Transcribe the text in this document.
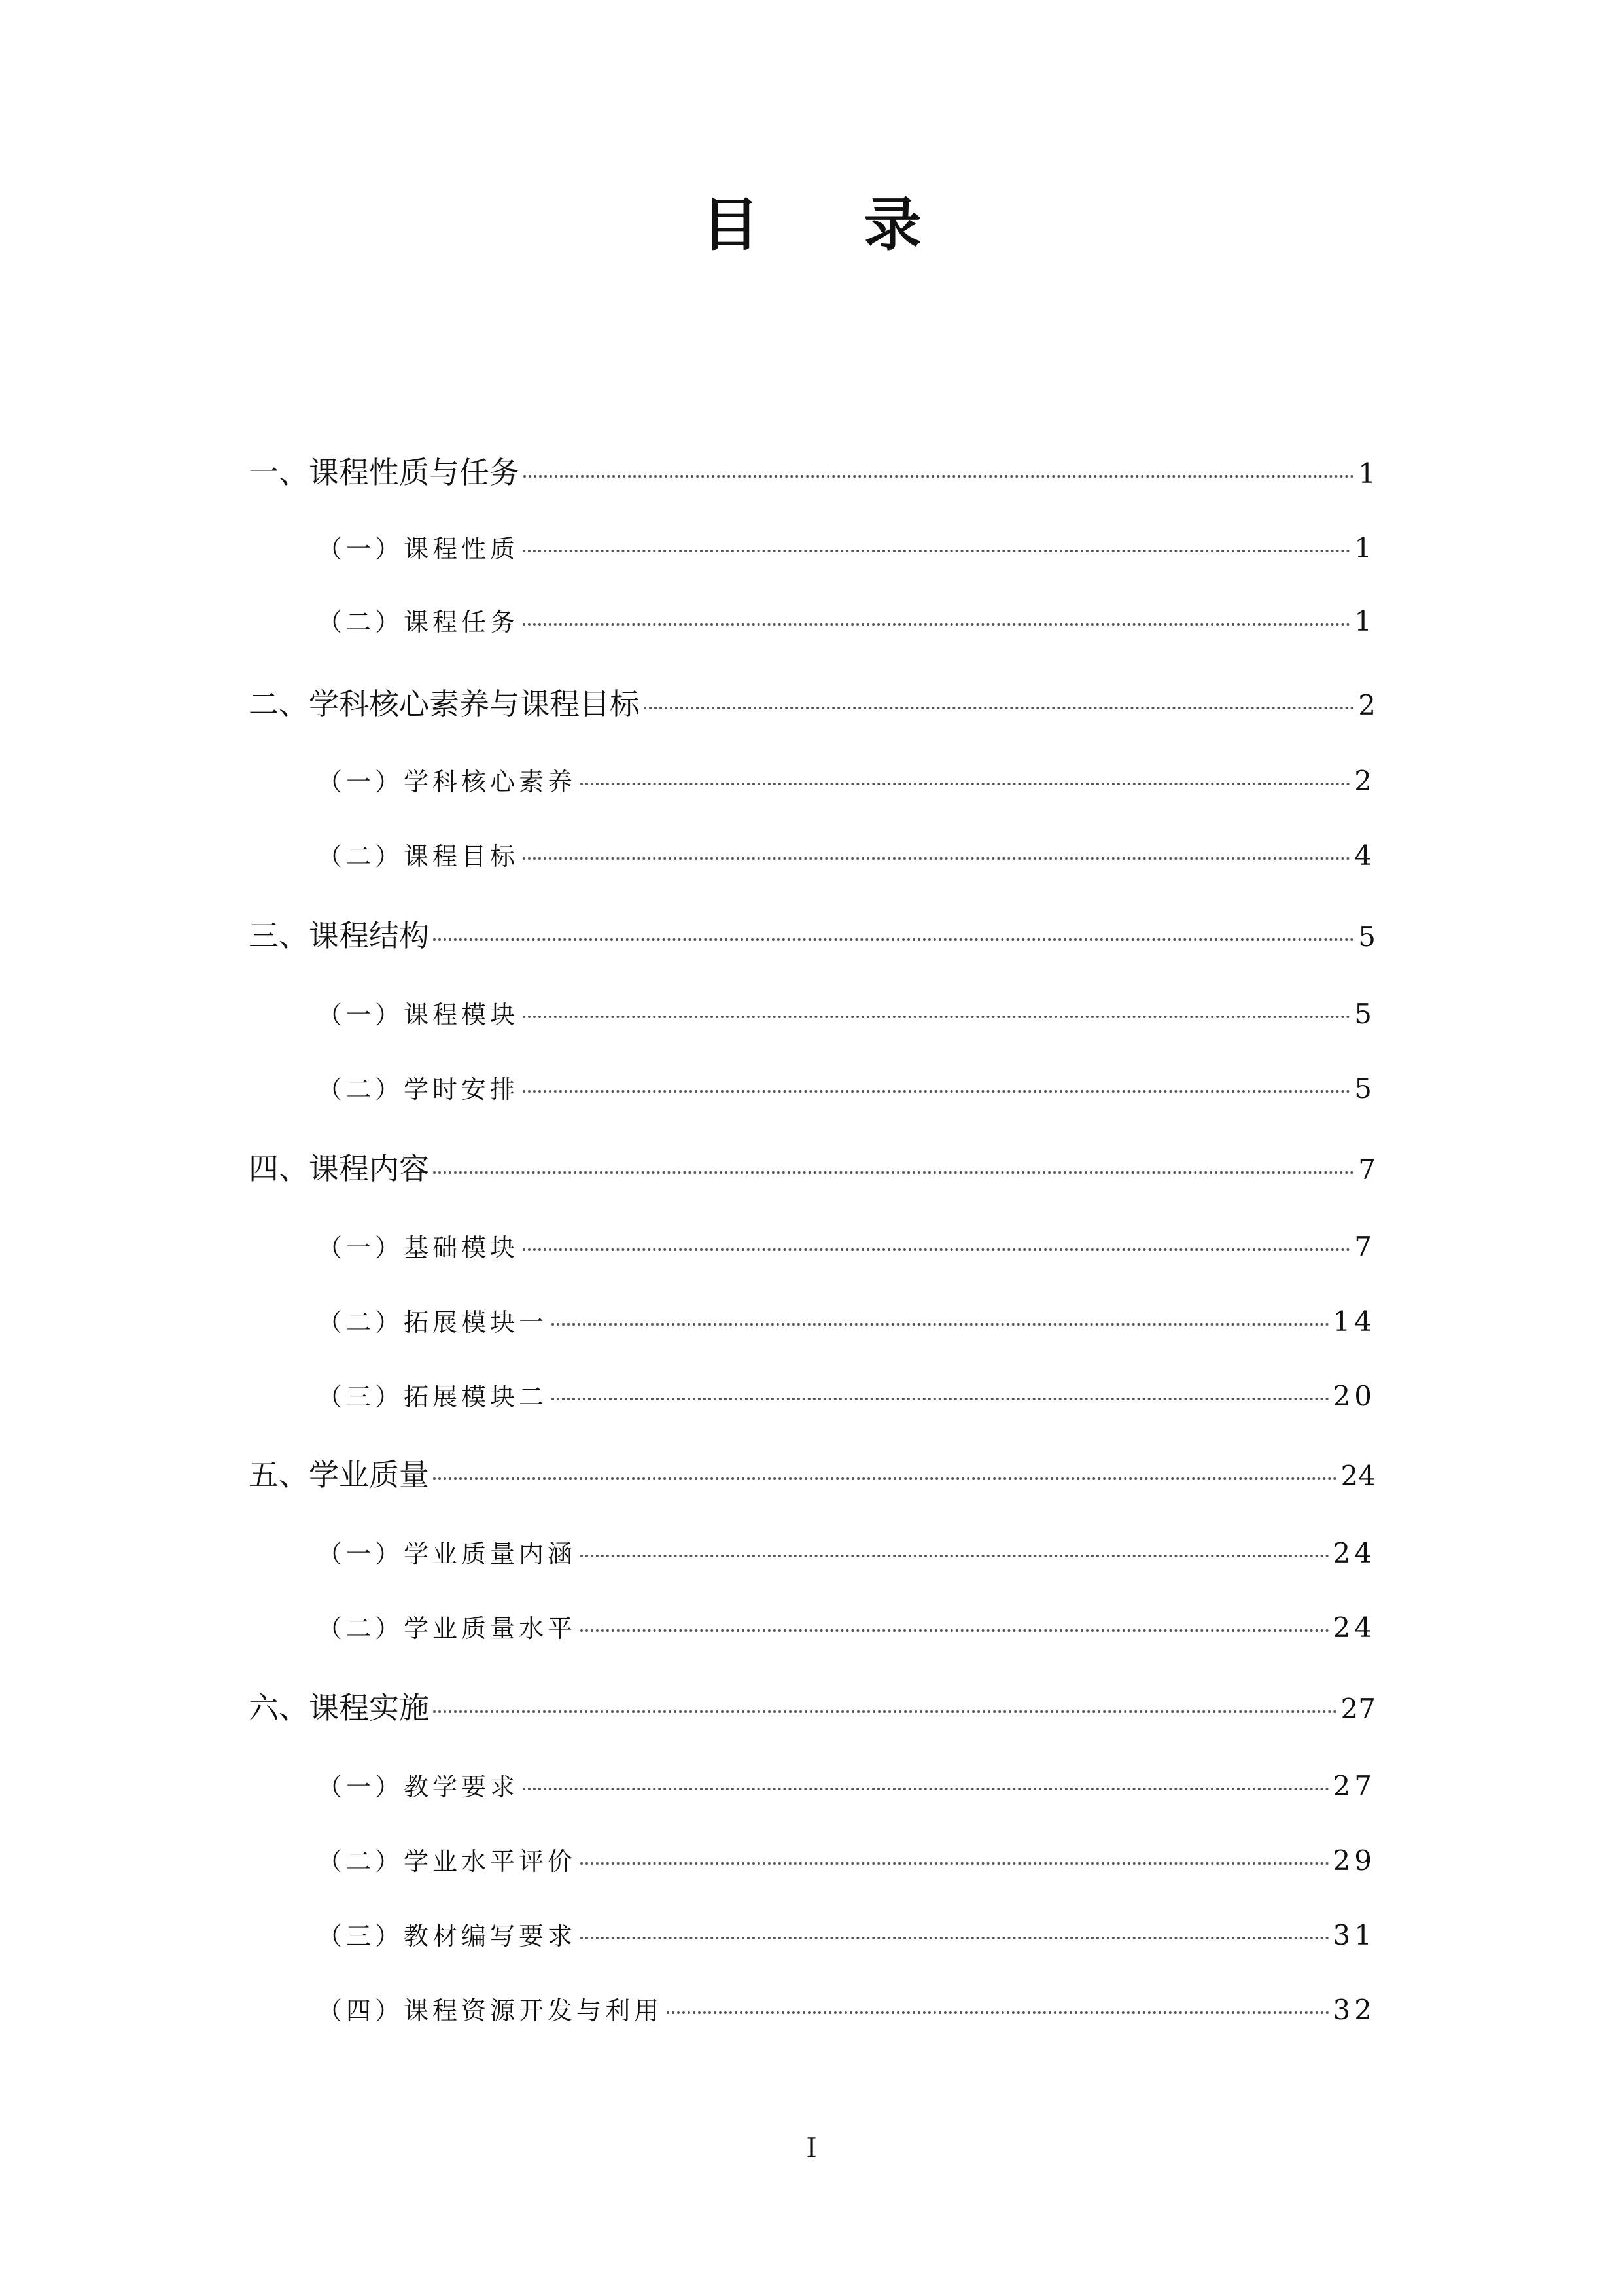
目 录
一、课程性质与任务	1
（一）课程性质	1
（二）课程任务	1
二、学科核心素养与课程目标	2
（一）学科核心素养	2
（二）课程目标	4
三、课程结构	5
（一）课程模块	5
（二）学时安排	5
四、课程内容	7
（一）基础模块	7
（二）拓展模块一	14
（三）拓展模块二	20
五、学业质量	24
（一）学业质量内涵	24
（二）学业质量水平	24
六、课程实施	27
（一）教学要求	27
（二）学业水平评价	29
（三）教材编写要求	31
（四）课程资源开发与利用	32
I
